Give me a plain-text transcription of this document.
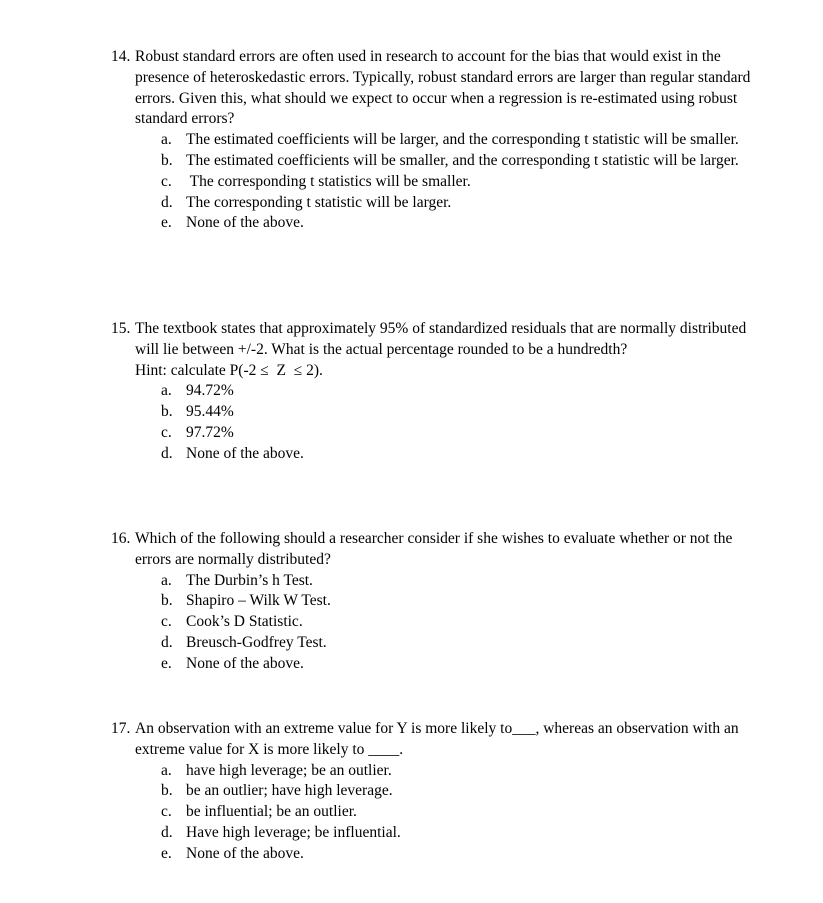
14. Robust standard errors are often used in research to account for the bias that would exist in the presence of heteroskedastic errors. Typically, robust standard errors are larger than regular standard errors. Given this, what should we expect to occur when a regression is re-estimated using robust standard errors?
a. The estimated coefficients will be larger, and the corresponding t statistic will be smaller.
b. The estimated coefficients will be smaller, and the corresponding t statistic will be larger.
c. The corresponding t statistics will be smaller.
d. The corresponding t statistic will be larger.
e. None of the above.
15. The textbook states that approximately 95% of standardized residuals that are normally distributed will lie between +/-2. What is the actual percentage rounded to be a hundredth?
Hint: calculate P(-2 ≤  Z  ≤ 2).
a. 94.72%
b. 95.44%
c. 97.72%
d. None of the above.
16. Which of the following should a researcher consider if she wishes to evaluate whether or not the errors are normally distributed?
a. The Durbin’s h Test.
b. Shapiro – Wilk W Test.
c. Cook’s D Statistic.
d. Breusch-Godfrey Test.
e. None of the above.
17. An observation with an extreme value for Y is more likely to___, whereas an observation with an extreme value for X is more likely to ____.
a. have high leverage; be an outlier.
b. be an outlier; have high leverage.
c. be influential; be an outlier.
d. Have high leverage; be influential.
e. None of the above.
